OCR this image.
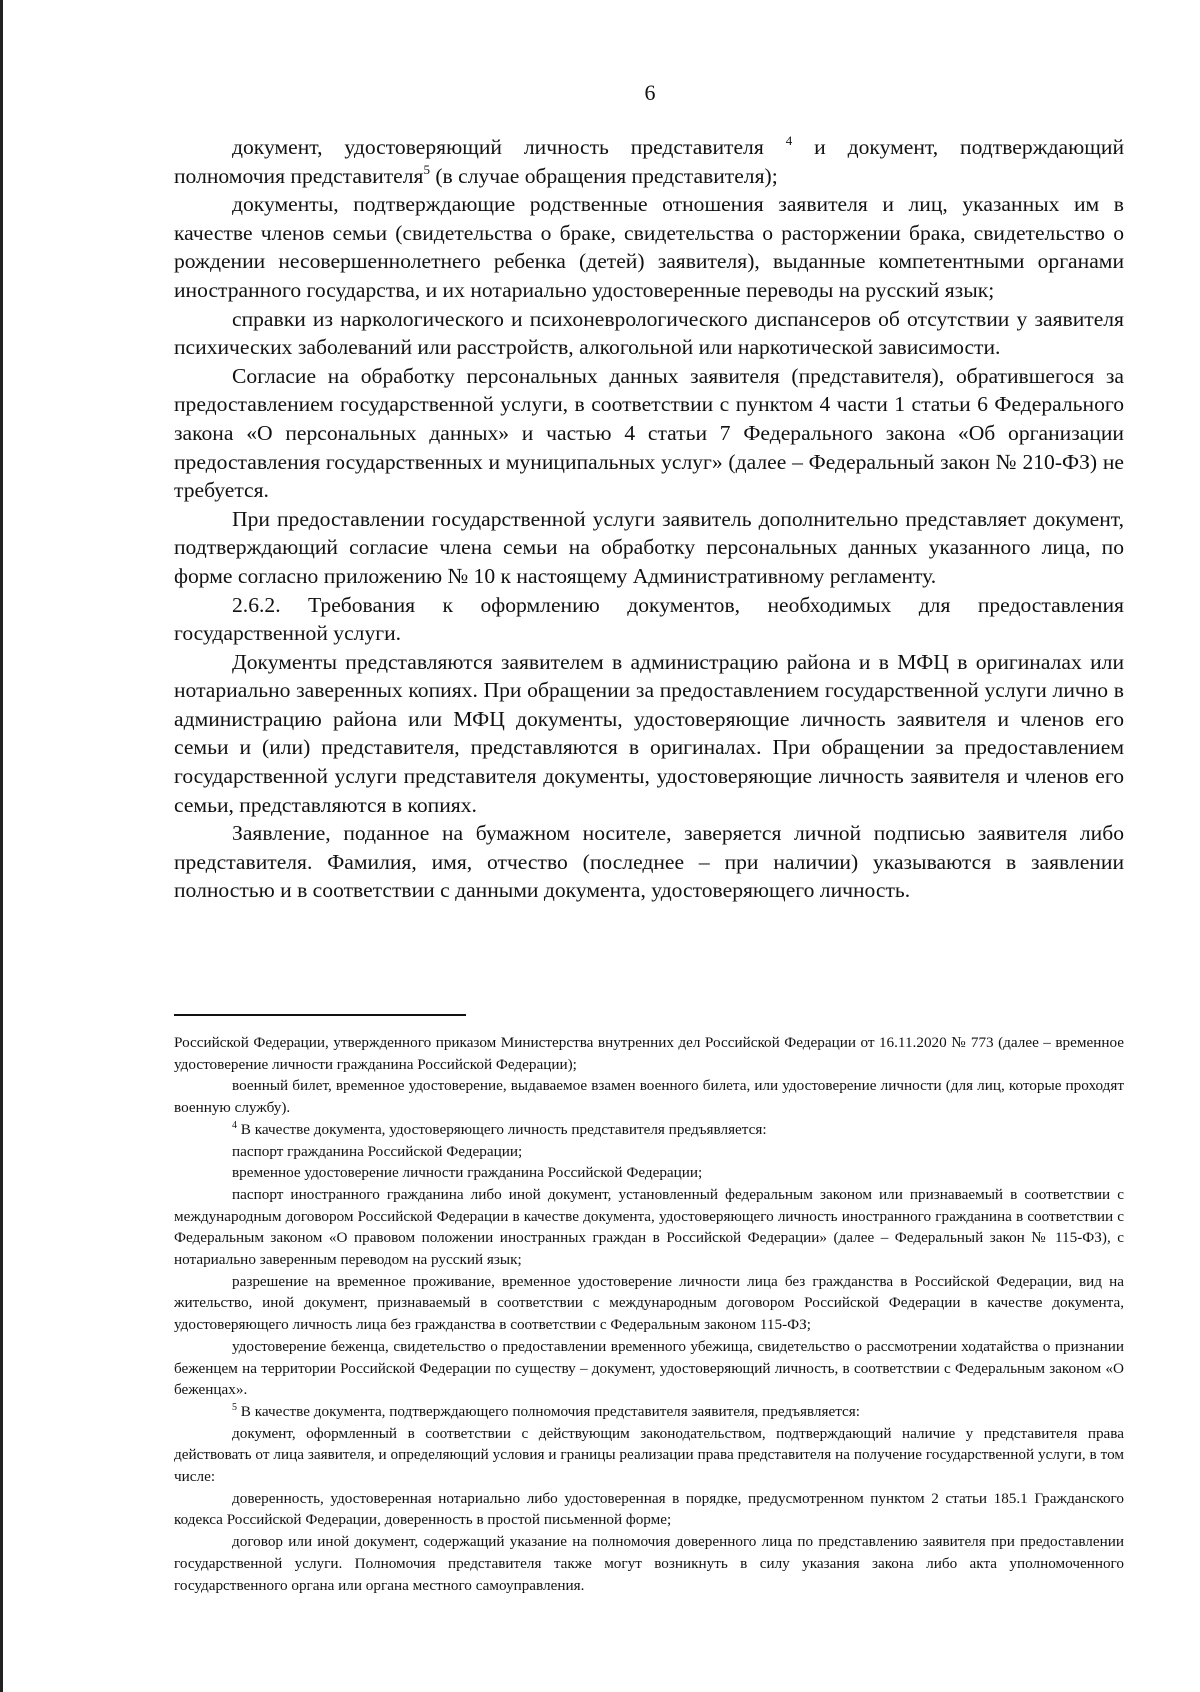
6

документ, удостоверяющий личность представителя $^4$ и документ, подтверждающий полномочия представителя$^5$ (в случае обращения представителя);

документы, подтверждающие родственные отношения заявителя и лиц, указанных им в качестве членов семьи (свидетельства о браке, свидетельства о расторжении брака, свидетельство о рождении несовершеннолетнего ребенка (детей) заявителя), выданные компетентными органами иностранного государства, и их нотариально удостоверенные переводы на русский язык;

справки из наркологического и психоневрологического диспансеров об отсутствии у заявителя психических заболеваний или расстройств, алкогольной или наркотической зависимости.

Согласие на обработку персональных данных заявителя (представителя), обратившегося за предоставлением государственной услуги, в соответствии с пунктом 4 части 1 статьи 6 Федерального закона «О персональных данных» и частью 4 статьи 7 Федерального закона «Об организации предоставления государственных и муниципальных услуг» (далее – Федеральный закон № 210-ФЗ) не требуется.

При предоставлении государственной услуги заявитель дополнительно представляет документ, подтверждающий согласие члена семьи на обработку персональных данных указанного лица, по форме согласно приложению № 10 к настоящему Административному регламенту.

2.6.2. Требования к оформлению документов, необходимых для предоставления государственной услуги.

Документы представляются заявителем в администрацию района и в МФЦ в оригиналах или нотариально заверенных копиях. При обращении за предоставлением государственной услуги лично в администрацию района или МФЦ документы, удостоверяющие личность заявителя и членов его семьи и (или) представителя, представляются в оригиналах. При обращении за предоставлением государственной услуги представителя документы, удостоверяющие личность заявителя и членов его семьи, представляются в копиях.

Заявление, поданное на бумажном носителе, заверяется личной подписью заявителя либо представителя. Фамилия, имя, отчество (последнее – при наличии) указываются в заявлении полностью и в соответствии с данными документа, удостоверяющего личность.

Российской Федерации, утвержденного приказом Министерства внутренних дел Российской Федерации от 16.11.2020 № 773 (далее – временное удостоверение личности гражданина Российской Федерации);

военный билет, временное удостоверение, выдаваемое взамен военного билета, или удостоверение личности (для лиц, которые проходят военную службу).

$^4$ В качестве документа, удостоверяющего личность представителя предъявляется:

паспорт гражданина Российской Федерации;

временное удостоверение личности гражданина Российской Федерации;

паспорт иностранного гражданина либо иной документ, установленный федеральным законом или признаваемый в соответствии с международным договором Российской Федерации в качестве документа, удостоверяющего личность иностранного гражданина в соответствии с Федеральным законом «О правовом положении иностранных граждан в Российской Федерации» (далее – Федеральный закон № 115-ФЗ), с нотариально заверенным переводом на русский язык;

разрешение на временное проживание, временное удостоверение личности лица без гражданства в Российской Федерации, вид на жительство, иной документ, признаваемый в соответствии с международным договором Российской Федерации в качестве документа, удостоверяющего личность лица без гражданства в соответствии с Федеральным законом 115-ФЗ;

удостоверение беженца, свидетельство о предоставлении временного убежища, свидетельство о рассмотрении ходатайства о признании беженцем на территории Российской Федерации по существу – документ, удостоверяющий личность, в соответствии с Федеральным законом «О беженцах».

$^5$ В качестве документа, подтверждающего полномочия представителя заявителя, предъявляется:

документ, оформленный в соответствии с действующим законодательством, подтверждающий наличие у представителя права действовать от лица заявителя, и определяющий условия и границы реализации права представителя на получение государственной услуги, в том числе:

доверенность, удостоверенная нотариально либо удостоверенная в порядке, предусмотренном пунктом 2 статьи 185.1 Гражданского кодекса Российской Федерации, доверенность в простой письменной форме;

договор или иной документ, содержащий указание на полномочия доверенного лица по представлению заявителя при предоставлении государственной услуги. Полномочия представителя также могут возникнуть в силу указания закона либо акта уполномоченного государственного органа или органа местного самоуправления.
